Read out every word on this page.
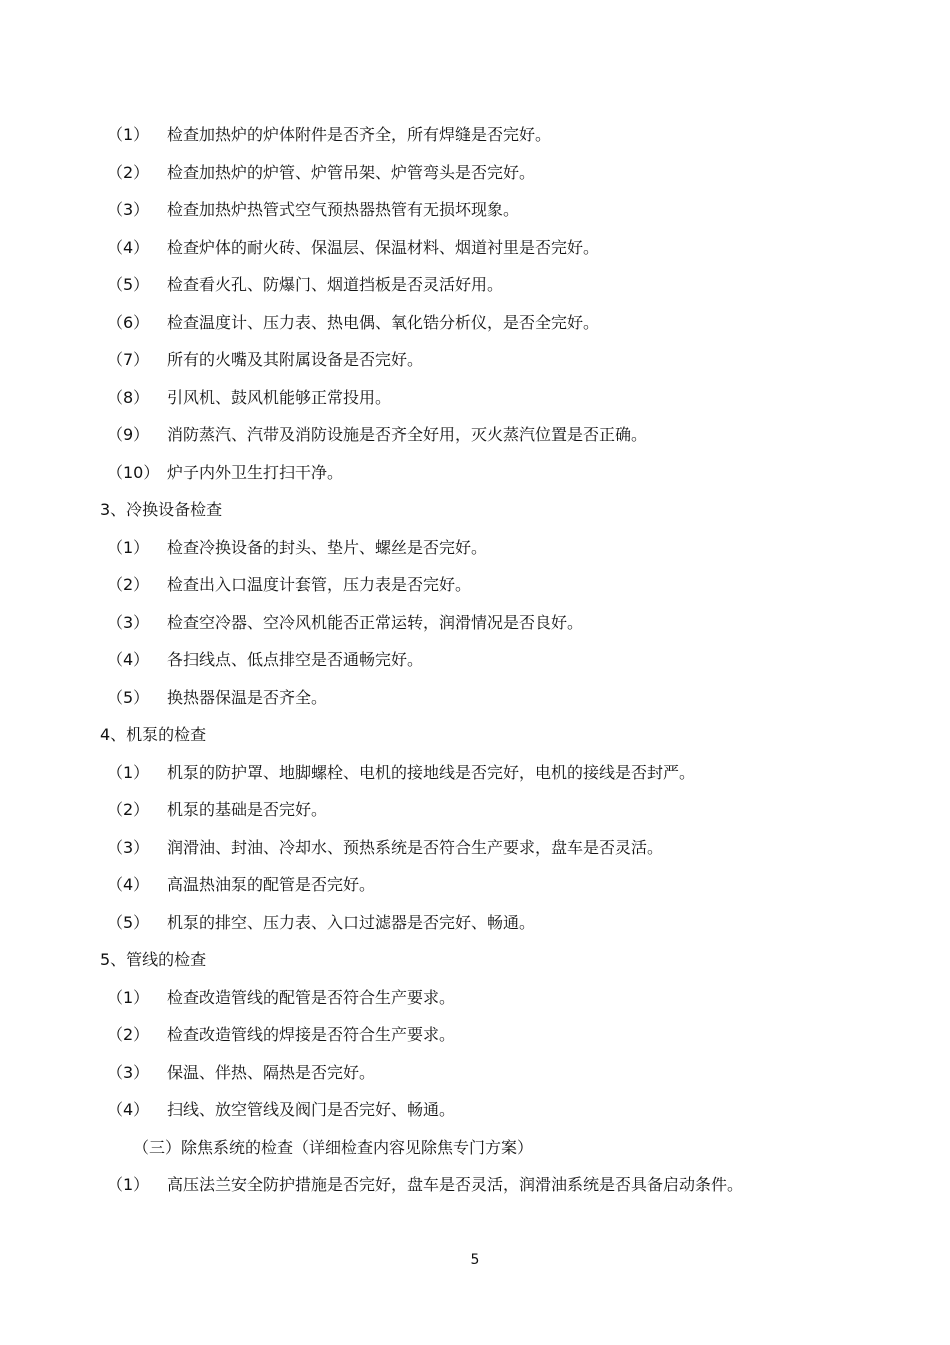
（1） 检查加热炉的炉体附件是否齐全，所有焊缝是否完好。
（2） 检查加热炉的炉管、炉管吊架、炉管弯头是否完好。
（3） 检查加热炉热管式空气预热器热管有无损坏现象。
（4） 检查炉体的耐火砖、保温层、保温材料、烟道衬里是否完好。
（5） 检查看火孔、防爆门、烟道挡板是否灵活好用。
（6） 检查温度计、压力表、热电偶、氧化锆分析仪，是否全完好。
（7） 所有的火嘴及其附属设备是否完好。
（8） 引风机、鼓风机能够正常投用。
（9） 消防蒸汽、汽带及消防设施是否齐全好用，灭火蒸汽位置是否正确。
（10） 炉子内外卫生打扫干净。
3、冷换设备检查
（1） 检查冷换设备的封头、垫片、螺丝是否完好。
（2） 检查出入口温度计套管，压力表是否完好。
（3） 检查空冷器、空冷风机能否正常运转，润滑情况是否良好。
（4） 各扫线点、低点排空是否通畅完好。
（5） 换热器保温是否齐全。
4、机泵的检查
（1） 机泵的防护罩、地脚螺栓、电机的接地线是否完好，电机的接线是否封严。
（2） 机泵的基础是否完好。
（3） 润滑油、封油、冷却水、预热系统是否符合生产要求，盘车是否灵活。
（4） 高温热油泵的配管是否完好。
（5） 机泵的排空、压力表、入口过滤器是否完好、畅通。
5、管线的检查
（1） 检查改造管线的配管是否符合生产要求。
（2） 检查改造管线的焊接是否符合生产要求。
（3） 保温、伴热、隔热是否完好。
（4） 扫线、放空管线及阀门是否完好、畅通。
（三）除焦系统的检查（详细检查内容见除焦专门方案）
（1） 高压法兰安全防护措施是否完好，盘车是否灵活，润滑油系统是否具备启动条件。
5
